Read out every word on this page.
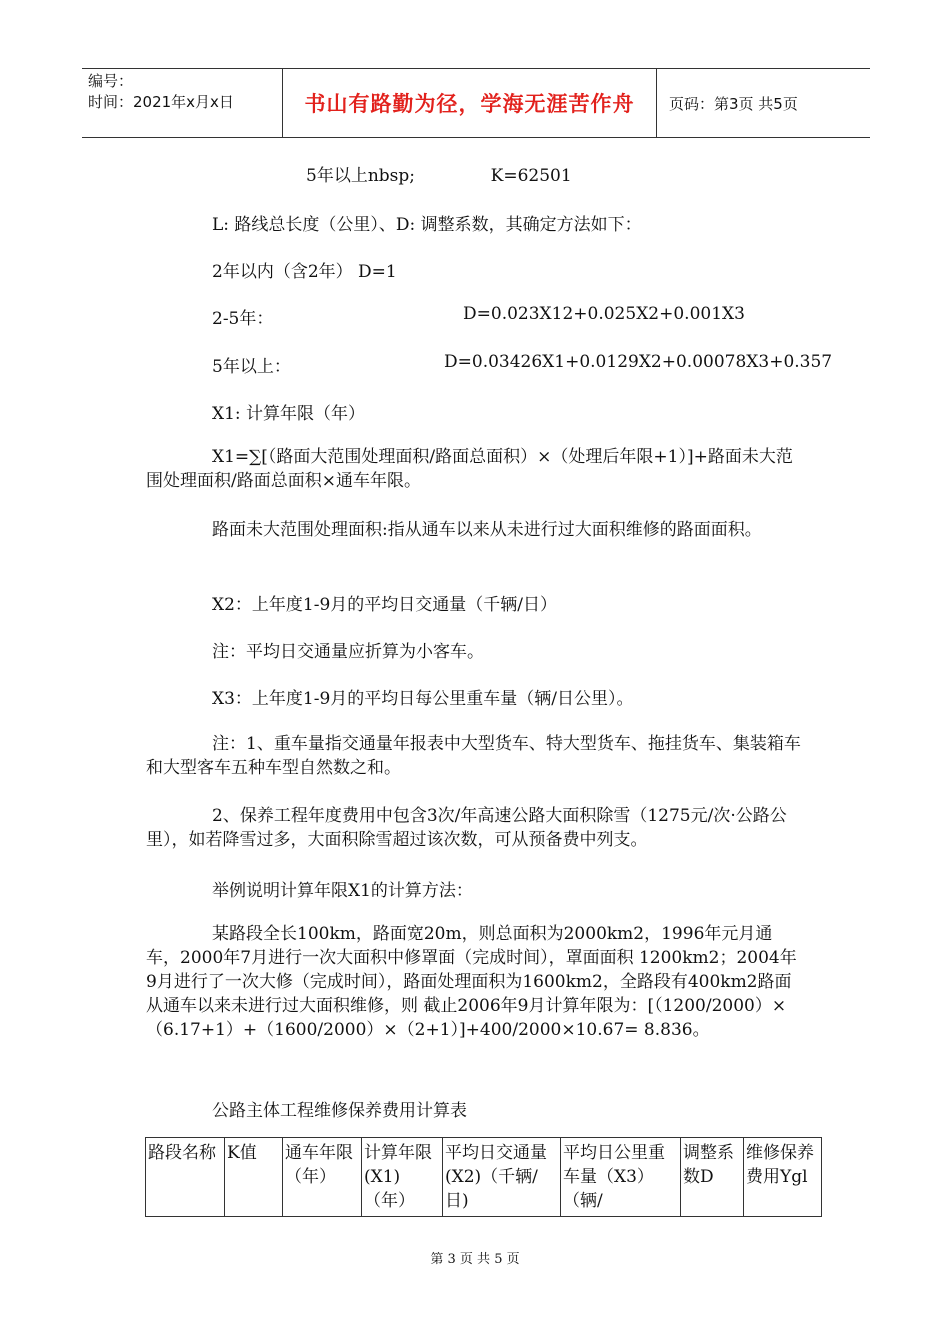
编号：
时间：2021年x月x日	书山有路勤为径，学海无涯苦作舟	页码：第3页 共5页
5年以上nbsp;              K=62501
L: 路线总长度（公里）、D: 调整系数，其确定方法如下：
2年以内（含2年） D=1
2-5年：	D=0.023X12+0.025X2+0.001X3
5年以上：	D=0.03426X1+0.0129X2+0.00078X3+0.357
X1: 计算年限（年）
X1=∑[（路面大范围处理面积/路面总面积）×（处理后年限+1）]+路面未大范围处理面积/路面总面积×通车年限。
路面未大范围处理面积:指从通车以来从未进行过大面积维修的路面面积。
X2：上年度1-9月的平均日交通量（千辆/日）
注：平均日交通量应折算为小客车。
X3：上年度1-9月的平均日每公里重车量（辆/日公里）。
注：1、重车量指交通量年报表中大型货车、特大型货车、拖挂货车、集装箱车和大型客车五种车型自然数之和。
2、保养工程年度费用中包含3次/年高速公路大面积除雪（1275元/次·公路公里），如若降雪过多，大面积除雪超过该次数，可从预备费中列支。
举例说明计算年限X1的计算方法：
某路段全长100km，路面宽20m，则总面积为2000km2，1996年元月通车，2000年7月进行一次大面积中修罩面（完成时间），罩面面积 1200km2；2004年9月进行了一次大修（完成时间），路面处理面积为1600km2，全路段有400km2路面从通车以来未进行过大面积维修，则 截止2006年9月计算年限为：[（1200/2000）×（6.17+1）+（1600/2000）×（2+1）]+400/2000×10.67= 8.836。
公路主体工程维修保养费用计算表
路段名称	K值	通车年限（年）	计算年限(X1)（年）	平均日交通量(X2)（千辆/日)	平均日公里重车量（X3）（辆/	调整系数D	维修保养费用Ygl
第 3 页 共 5 页
